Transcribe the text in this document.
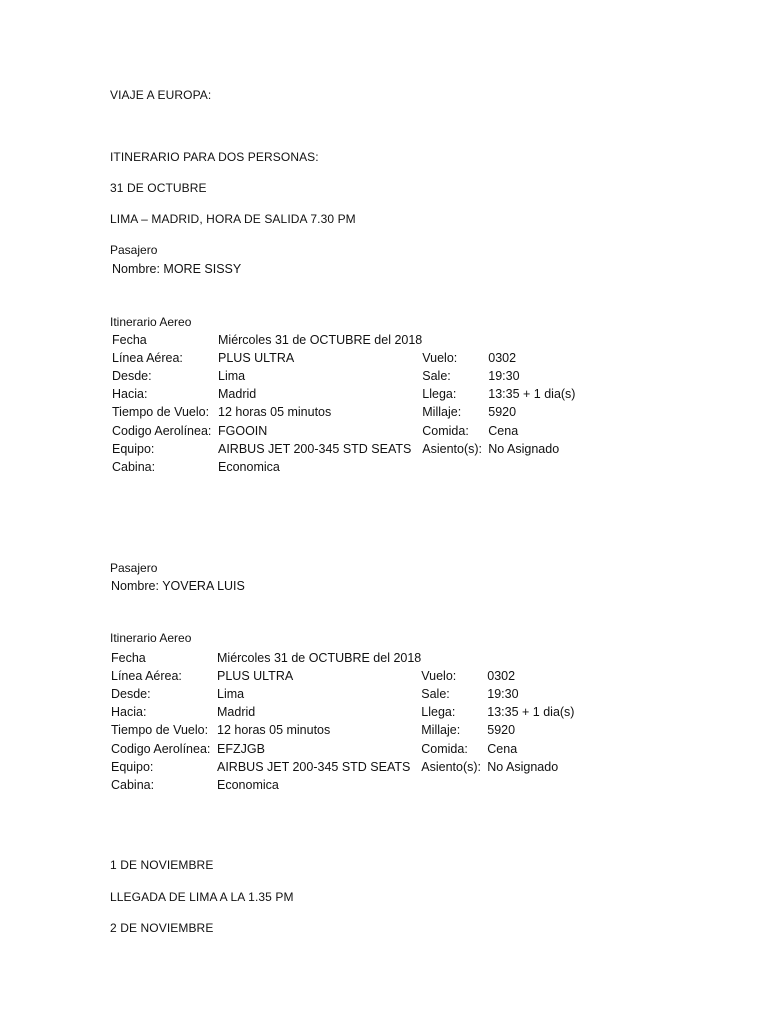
VIAJE A EUROPA:
ITINERARIO PARA DOS PERSONAS:
31 DE OCTUBRE
LIMA – MADRID, HORA DE SALIDA 7.30 PM
Pasajero
Nombre: MORE SISSY
Itinerario Aereo
Fecha	Miércoles 31 de OCTUBRE del 2018		
Línea Aérea:	PLUS ULTRA	Vuelo:	0302
Desde:	Lima	Sale:	19:30
Hacia:	Madrid	Llega:	13:35 + 1 dia(s)
Tiempo de Vuelo:	12 horas 05 minutos	Millaje:	5920
Codigo Aerolínea:	FGOOIN	Comida:	Cena
Equipo:	AIRBUS JET 200-345 STD SEATS	Asiento(s):	No Asignado
Cabina:	Economica		
Pasajero
Nombre: YOVERA LUIS
Itinerario Aereo
Fecha	Miércoles 31 de OCTUBRE del 2018		
Línea Aérea:	PLUS ULTRA	Vuelo:	0302
Desde:	Lima	Sale:	19:30
Hacia:	Madrid	Llega:	13:35 + 1 dia(s)
Tiempo de Vuelo:	12 horas 05 minutos	Millaje:	5920
Codigo Aerolínea:	EFZJGB	Comida:	Cena
Equipo:	AIRBUS JET 200-345 STD SEATS	Asiento(s):	No Asignado
Cabina:	Economica		
1 DE NOVIEMBRE
LLEGADA DE LIMA A LA 1.35 PM
2 DE NOVIEMBRE
